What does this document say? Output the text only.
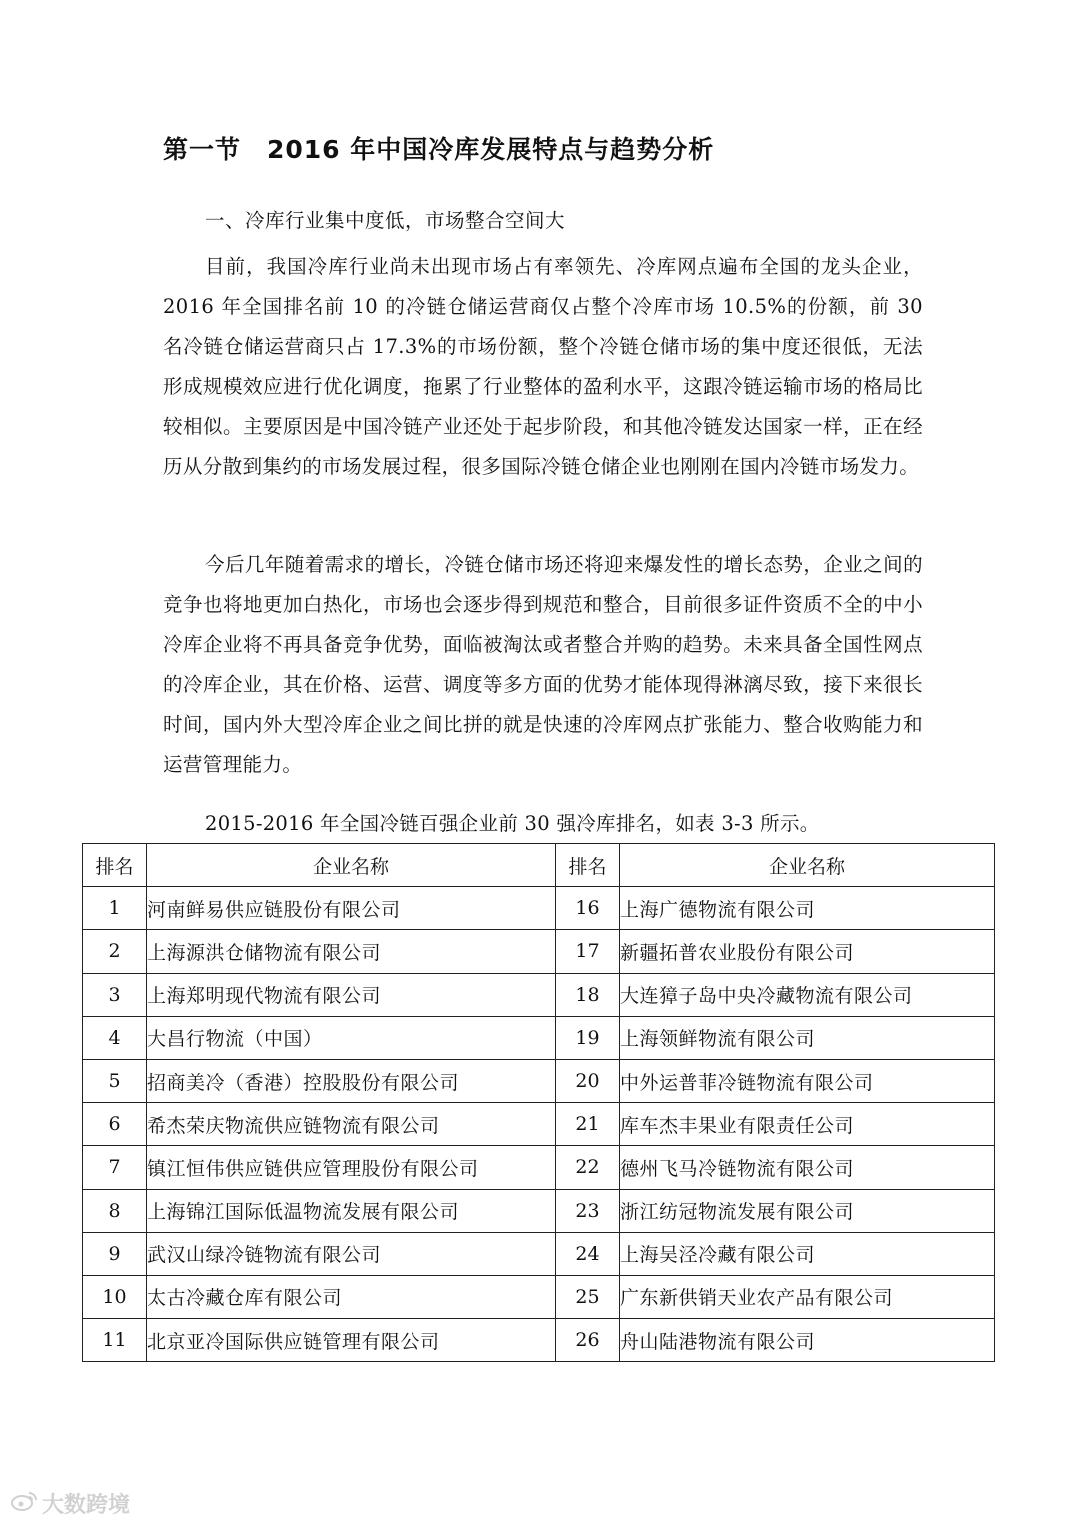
第一节　2016 年中国冷库发展特点与趋势分析
一、冷库行业集中度低，市场整合空间大

目前，我国冷库行业尚未出现市场占有率领先、冷库网点遍布全国的龙头企业，2016 年全国排名前 10 的冷链仓储运营商仅占整个冷库市场 10.5%的份额，前 30 名冷链仓储运营商只占 17.3%的市场份额，整个冷链仓储市场的集中度还很低，无法形成规模效应进行优化调度，拖累了行业整体的盈利水平，这跟冷链运输市场的格局比较相似。主要原因是中国冷链产业还处于起步阶段，和其他冷链发达国家一样，正在经历从分散到集约的市场发展过程，很多国际冷链仓储企业也刚刚在国内冷链市场发力。

今后几年随着需求的增长，冷链仓储市场还将迎来爆发性的增长态势，企业之间的竞争也将地更加白热化，市场也会逐步得到规范和整合，目前很多证件资质不全的中小冷库企业将不再具备竞争优势，面临被淘汰或者整合并购的趋势。未来具备全国性网点的冷库企业，其在价格、运营、调度等多方面的优势才能体现得淋漓尽致，接下来很长时间，国内外大型冷库企业之间比拼的就是快速的冷库网点扩张能力、整合收购能力和运营管理能力。

2015-2016 年全国冷链百强企业前 30 强冷库排名，如表 3-3 所示。
排名	企业名称	排名	企业名称
1	河南鲜易供应链股份有限公司	16	上海广德物流有限公司
2	上海源洪仓储物流有限公司	17	新疆拓普农业股份有限公司
3	上海郑明现代物流有限公司	18	大连獐子岛中央冷藏物流有限公司
4	大昌行物流（中国）	19	上海领鲜物流有限公司
5	招商美冷（香港）控股股份有限公司	20	中外运普菲冷链物流有限公司
6	希杰荣庆物流供应链物流有限公司	21	库车杰丰果业有限责任公司
7	镇江恒伟供应链供应管理股份有限公司	22	德州飞马冷链物流有限公司
8	上海锦江国际低温物流发展有限公司	23	浙江纺冠物流发展有限公司
9	武汉山绿冷链物流有限公司	24	上海吴泾冷藏有限公司
10	太古冷藏仓库有限公司	25	广东新供销天业农产品有限公司
11	北京亚冷国际供应链管理有限公司	26	舟山陆港物流有限公司
大数跨境
